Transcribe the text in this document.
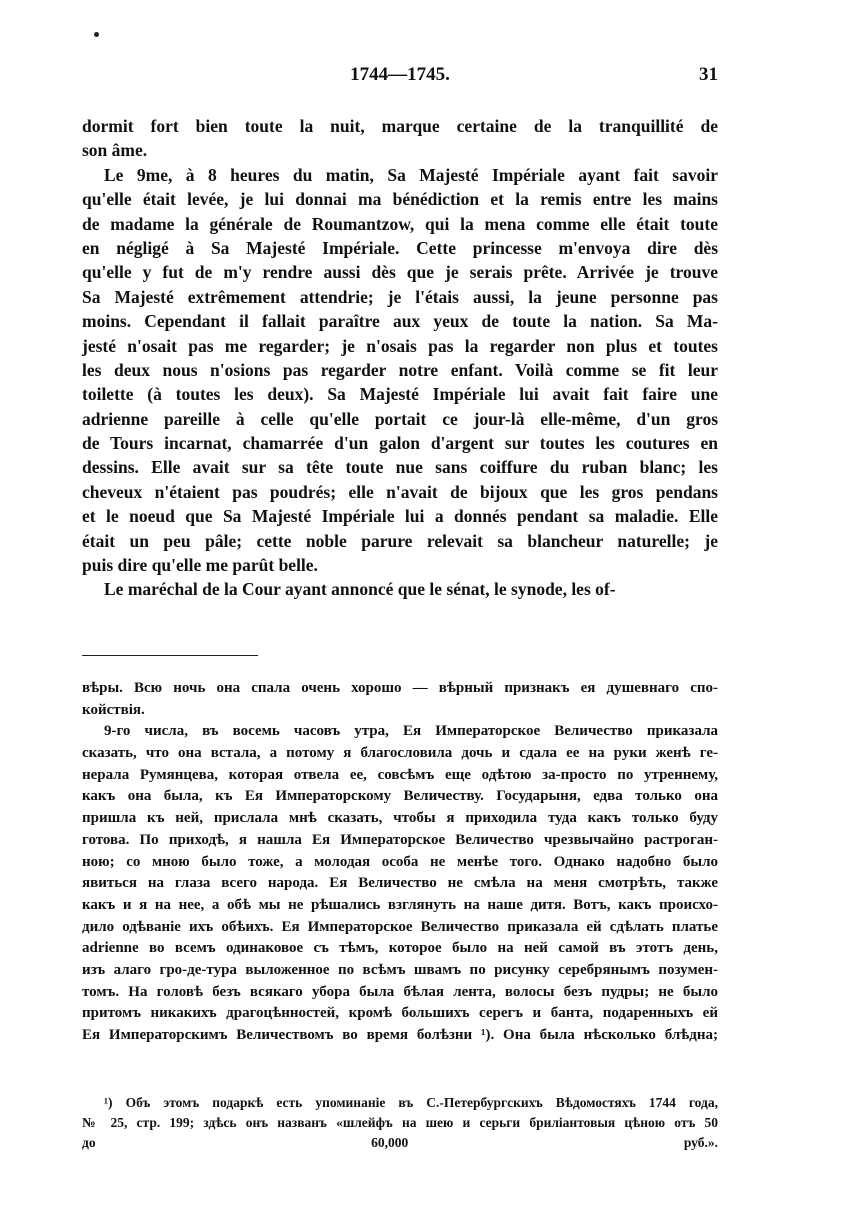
1744—1745.	31
dormit fort bien toute la nuit, marque certaine de la tranquillité de
son âme.
Le 9me, à 8 heures du matin, Sa Majesté Impériale ayant fait savoir
qu'elle était levée, je lui donnai ma bénédiction et la remis entre les mains
de madame la générale de Roumantzow, qui la mena comme elle était toute
en négligé à Sa Majesté Impériale. Cette princesse m'envoya dire dès
qu'elle y fut de m'y rendre aussi dès que je serais prête. Arrivée je trouve
Sa Majesté extrêmement attendrie; je l'étais aussi, la jeune personne pas
moins. Cependant il fallait paraître aux yeux de toute la nation. Sa Ma-
jesté n'osait pas me regarder; je n'osais pas la regarder non plus et toutes
les deux nous n'osions pas regarder notre enfant. Voilà comme se fit leur
toilette (à toutes les deux). Sa Majesté Impériale lui avait fait faire une
adrienne pareille à celle qu'elle portait ce jour-là elle-même, d'un gros
de Tours incarnat, chamarrée d'un galon d'argent sur toutes les coutures en
dessins. Elle avait sur sa tête toute nue sans coiffure du ruban blanc; les
cheveux n'étaient pas poudrés; elle n'avait de bijoux que les gros pendans
et le noeud que Sa Majesté Impériale lui a donnés pendant sa maladie. Elle
était un peu pâle; cette noble parure relevait sa blancheur naturelle; je
puis dire qu'elle me parût belle.
Le maréchal de la Cour ayant annoncé que le sénat, le synode, les of-
вѣры. Всю ночь она спала очень хорошо — вѣрный признакъ ея душевнаго спо-
койствія.
9-го числа, въ восемь часовъ утра, Ея Императорское Величество приказала
сказать, что она встала, а потому я благословила дочь и сдала ее на руки женѣ ге-
нерала Румянцева, которая отвела ее, совсѣмъ еще одѣтою за-просто по утреннему,
какъ она была, къ Ея Императорскому Величеству. Государыня, едва только она
пришла къ ней, прислала мнѣ сказать, чтобы я приходила туда какъ только буду
готова. По приходѣ, я нашла Ея Императорское Величество чрезвычайно растроган-
ною; со мною было тоже, а молодая особа не менѣе того. Однако надобно было
явиться на глаза всего народа. Ея Величество не смѣла на меня смотрѣть, также
какъ и я на нее, а обѣ мы не рѣшались взглянуть на наше дитя. Вотъ, какъ происхо-
дило одѣваніе ихъ обѣихъ. Ея Императорское Величество приказала ей сдѣлать платье
adrienne во всемъ одинаковое съ тѣмъ, которое было на ней самой въ этотъ день,
изъ алаго гро-де-тура выложенное по всѣмъ швамъ по рисунку серебрянымъ позумен-
томъ. На головѣ безъ всякаго убора была бѣлая лента, волосы безъ пудры; не было
притомъ никакихъ драгоцѣнностей, кромѣ большихъ серегъ и банта, подаренныхъ ей
Ея Императорскимъ Величествомъ во время болѣзни ¹). Она была нѣсколько блѣдна;
¹) Объ этомъ подаркѣ есть упоминаніе въ С.-Петербургскихъ Вѣдомостяхъ 1744 года,
№ 25, стр. 199; здѣсь онъ названъ «шлейфъ на шею и серьги бриліантовыя цѣною отъ 50
до 60,000 руб.».
